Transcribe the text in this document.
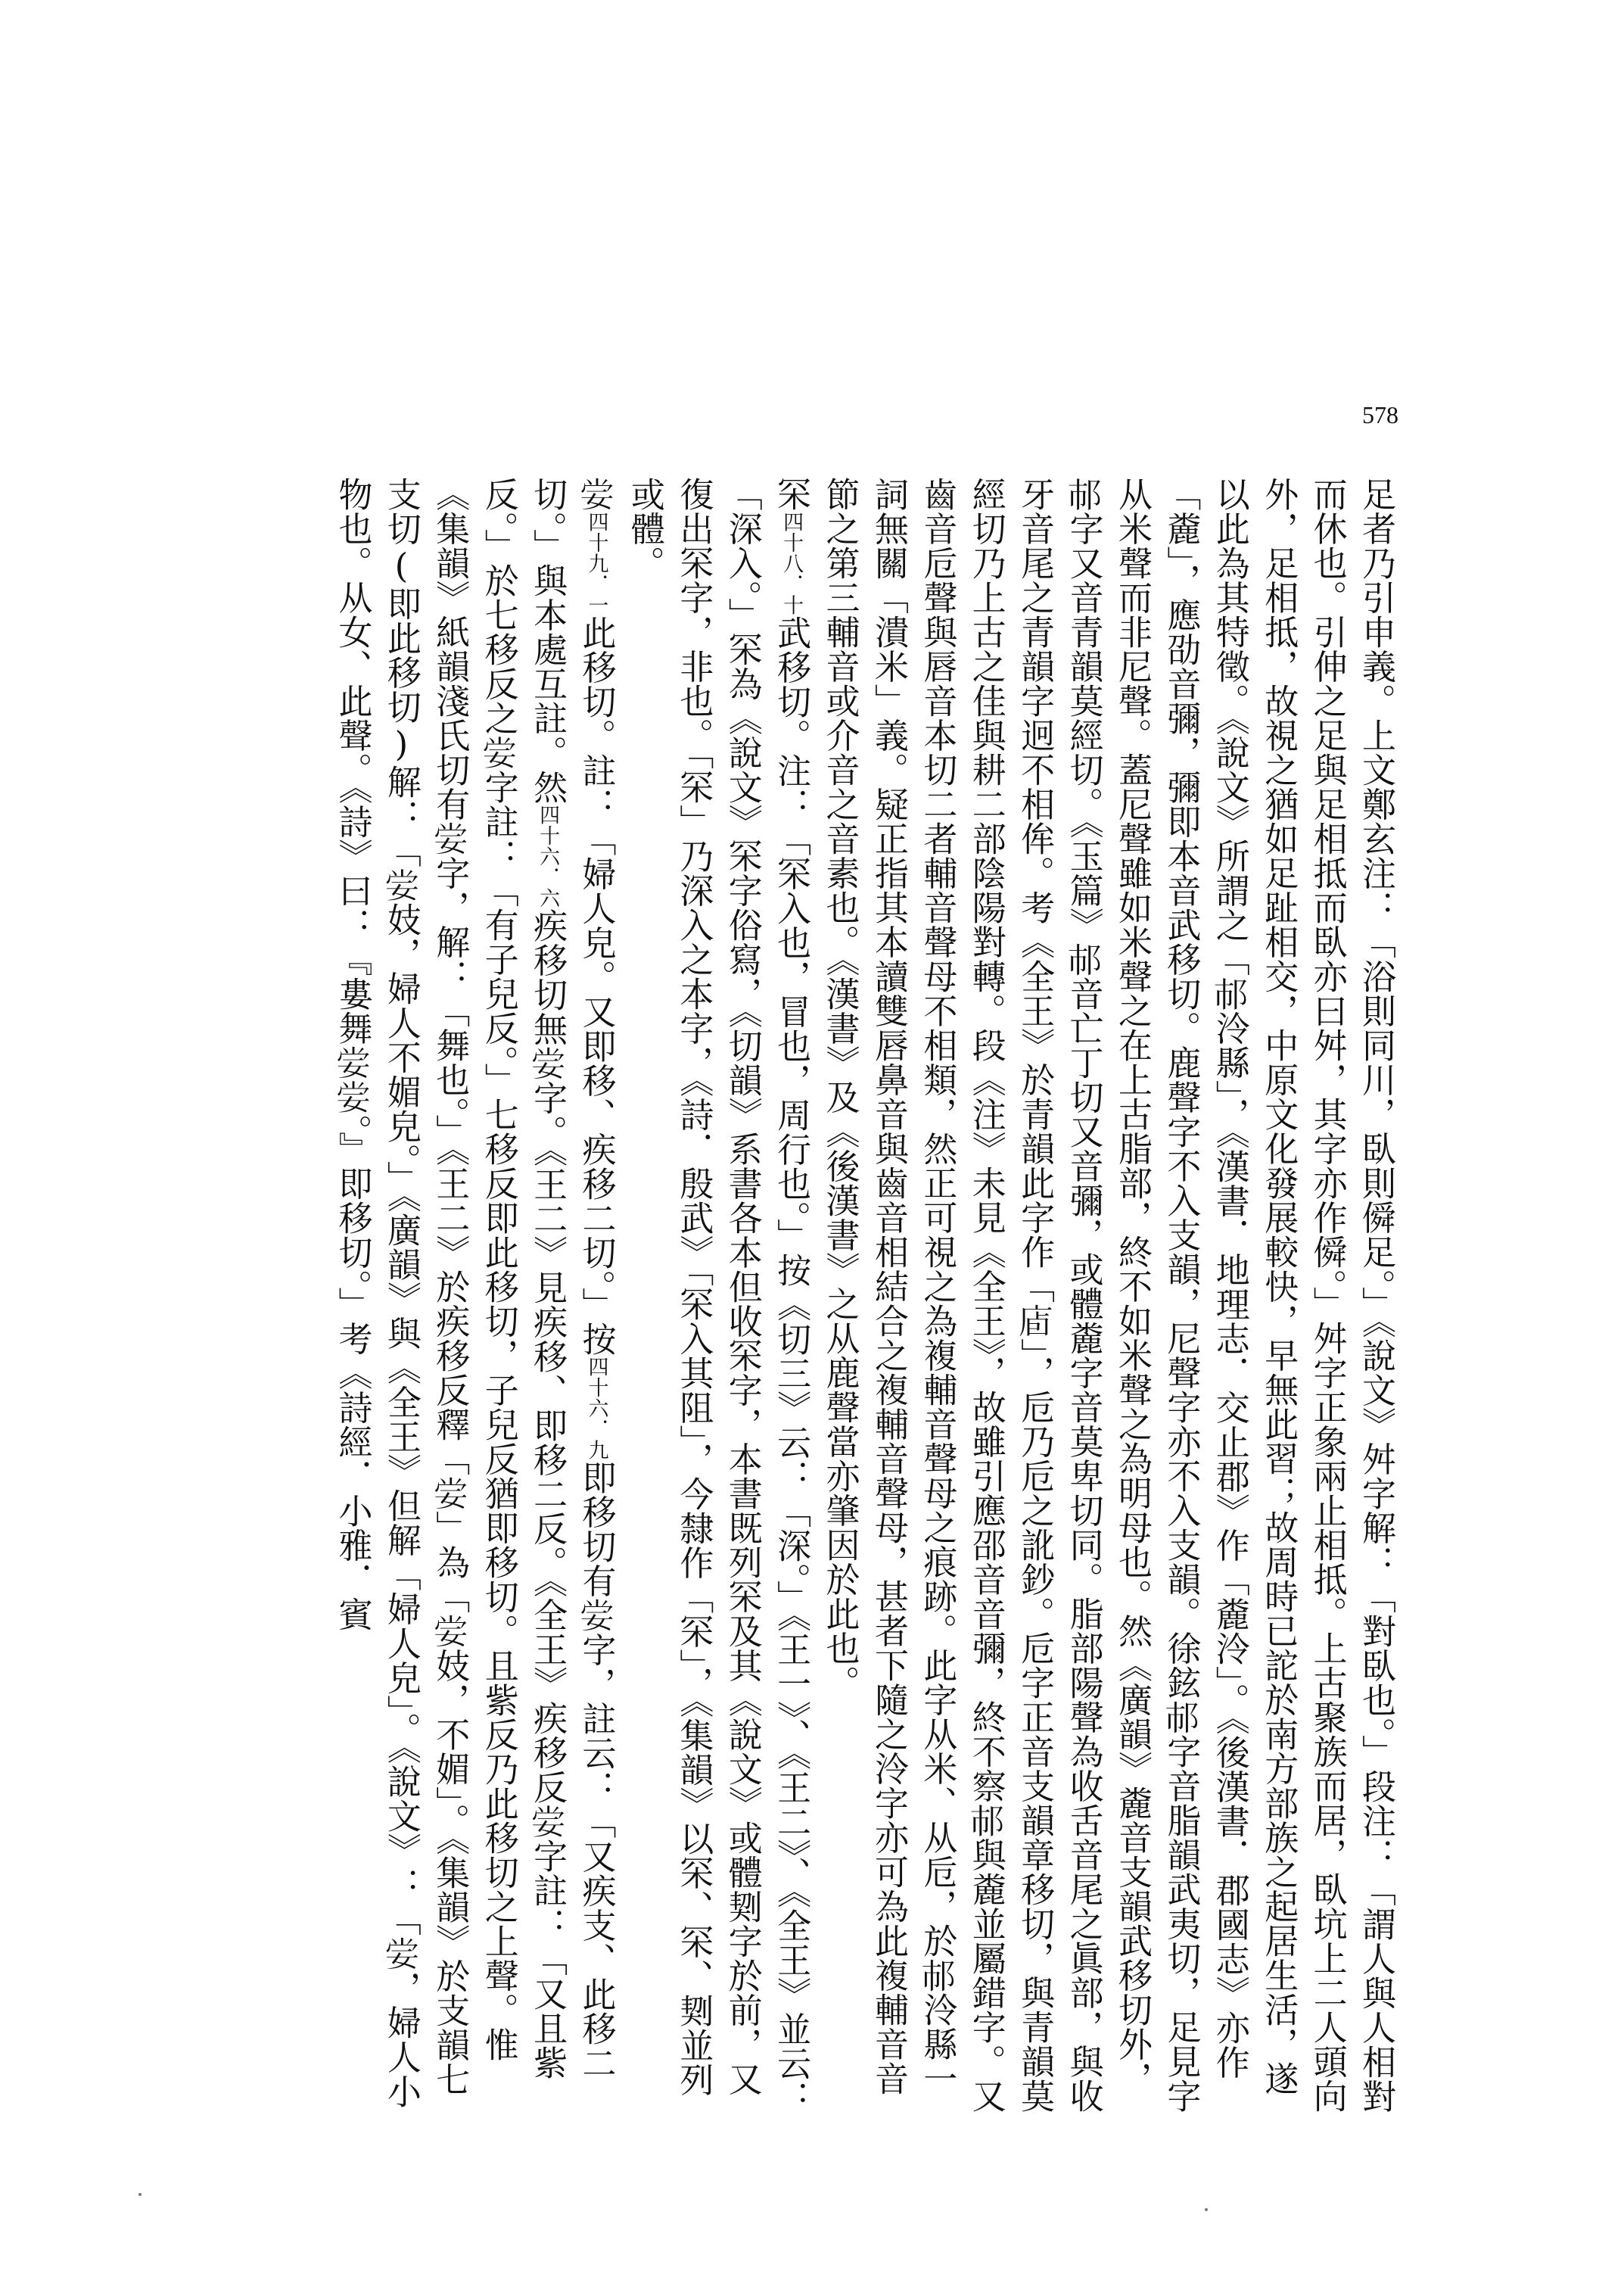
578

足者乃引申義。上文鄭玄注：「浴則同川，臥則僢足。」《說文》舛字解：「對臥也。」段注：「謂人與人相對而休也。引伸之足與足相抵而臥亦曰舛，其字亦作僢。」舛字正象兩止相抵。上古聚族而居，臥坑上二人頭向外，足相抵，故視之猶如足趾相交，中原文化發展較快，早無此習；故周時已詑於南方部族之起居生活，遂以此為其特徵。《說文》所謂之「𨙶泠縣」，《漢書．地理志．交止郡》作「麊泠」。《後漢書．郡國志》亦作「麊」，應劭音彌，彌即本音武移切。鹿聲字不入支韻，尼聲字亦不入支韻。徐鉉𨙶字音脂韻武夷切，足見字从米聲而非尼聲。蓋尼聲雖如米聲之在上古脂部，終不如米聲之為明母也。然《廣韻》麊音支韻武移切外，𨙶字又音青韻莫經切。《玉篇》𨙶音亡丁切又音彌，或體麊字音莫卑切同。脂部陽聲為收舌音尾之眞部，與收牙音尾之青韻字迥不相侔。考《全王》於青韻此字作「𢈞」，卮乃卮之訛鈔。卮字正音支韻章移切，與青韻莫經切乃上古之佳與耕二部陰陽對轉。段《注》未見《全王》，故雖引應邵音音彌，終不察𨙶與麊並屬錯字。又齒音卮聲與唇音本切二者輔音聲母不相類，然正可視之為複輔音聲母之痕跡。此字从米、从卮，於𨙶泠縣一詞無關「潰米」義。疑正指其本讀雙唇鼻音與齒音相結合之複輔音聲母，甚者下隨之泠字亦可為此複輔音音節之第三輔音或介音之音素也。《漢書》及《後漢書》之从鹿聲當亦肇因於此也。

罙四十八．十武移切。注：「罙入也，冒也，周行也。」按《切三》云：「深。」《王一》、《王二》、《全王》並云：「深入。」罙為《說文》罙字俗寫，《切韻》系書各本但收罙字，本書既列罙及其《說文》或體㓶字於前，又復出罙字，非也。「罙」乃深入之本字，《詩．殷武》「罙入其阻」，今隸作「罙」，《集韻》以罙、罙、㓶並列或體。

𡜈四十九．一此移切。註：「婦人皃。又即移、疾移二切。」按四十六．九即移切有𡜈字，註云：「又疾支、此移二切。」與本處互註。然四十六．六疾移切無𡜈字。《王二》見疾移、即移二反。《全王》疾移反𡜈字註：「又且紫反。」於七移反之𡜈字註：「有子兒反。」七移反即此移切，子兒反猶即移切。且紫反乃此移切之上聲。惟《集韻》紙韻淺氏切有𡜈字，解：「舞也。」《王二》於疾移反釋「𡜈」為「𡜈妓，不媚」。《集韻》於支韻七支切(即此移切)解：「𡜈妓，婦人不媚皃。」《廣韻》與《全王》但解「婦人皃」。《說文》：「𡜈，婦人小物也。从女、此聲。《詩》曰：『婁舞𡜈𡜈。』即移切。」考《詩經．小雅．賓
